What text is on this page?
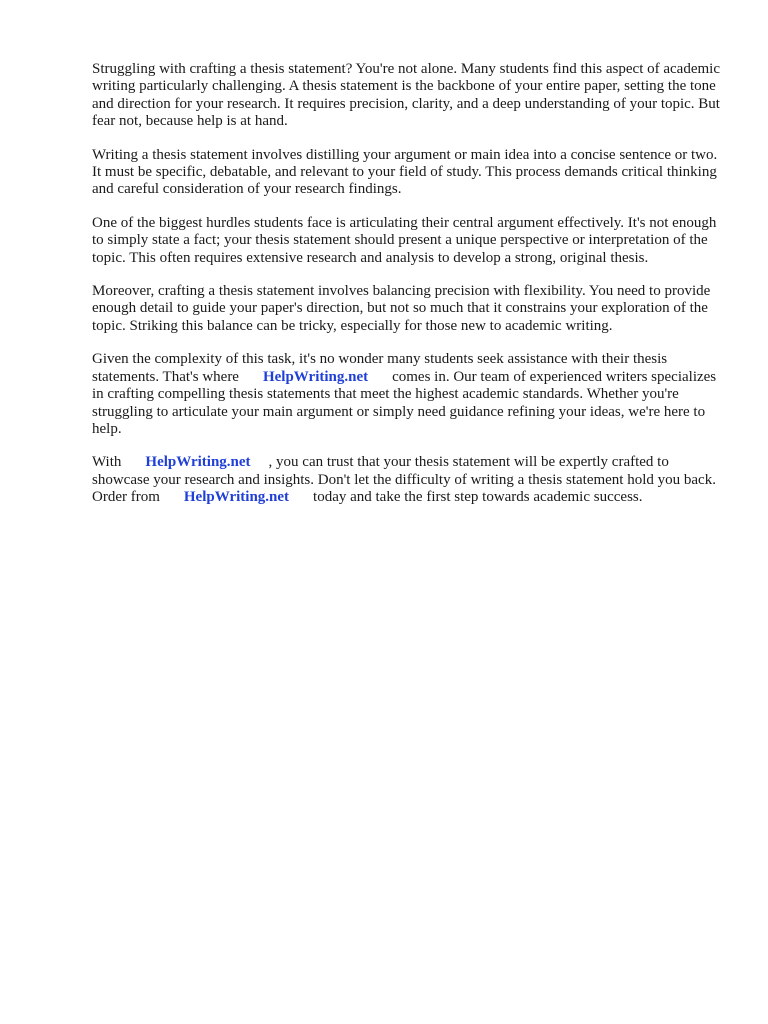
Struggling with crafting a thesis statement? You're not alone. Many students find this aspect of academic writing particularly challenging. A thesis statement is the backbone of your entire paper, setting the tone and direction for your research. It requires precision, clarity, and a deep understanding of your topic. But fear not, because help is at hand.

Writing a thesis statement involves distilling your argument or main idea into a concise sentence or two. It must be specific, debatable, and relevant to your field of study. This process demands critical thinking and careful consideration of your research findings.

One of the biggest hurdles students face is articulating their central argument effectively. It's not enough to simply state a fact; your thesis statement should present a unique perspective or interpretation of the topic. This often requires extensive research and analysis to develop a strong, original thesis.

Moreover, crafting a thesis statement involves balancing precision with flexibility. You need to provide enough detail to guide your paper's direction, but not so much that it constrains your exploration of the topic. Striking this balance can be tricky, especially for those new to academic writing.

Given the complexity of this task, it's no wonder many students seek assistance with their thesis statements. That's where HelpWriting.net comes in. Our team of experienced writers specializes in crafting compelling thesis statements that meet the highest academic standards. Whether you're struggling to articulate your main argument or simply need guidance refining your ideas, we're here to help.

With HelpWriting.net , you can trust that your thesis statement will be expertly crafted to showcase your research and insights. Don't let the difficulty of writing a thesis statement hold you back. Order from HelpWriting.net today and take the first step towards academic success.
